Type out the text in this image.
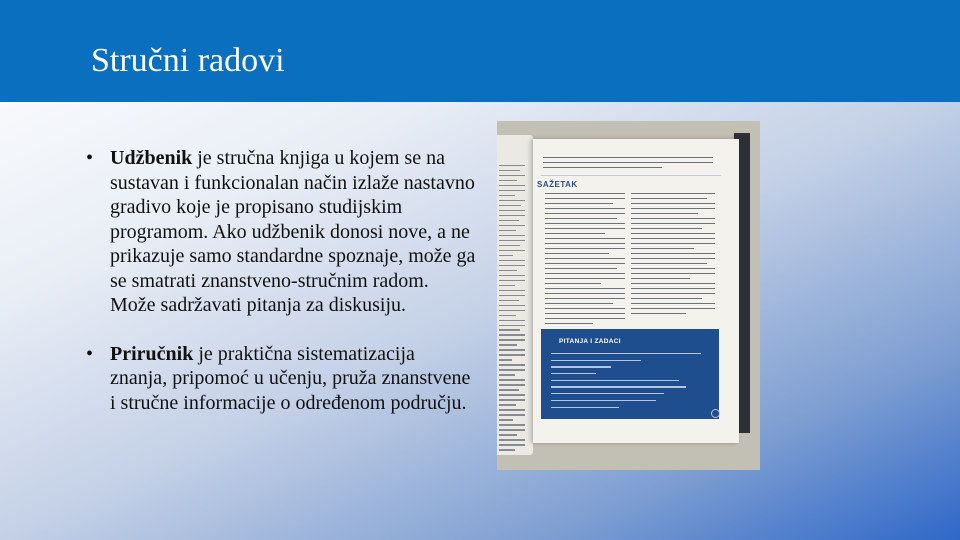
Stručni radovi
• Udžbenik je stručna knjiga u kojem se na sustavan i funkcionalan način izlaže nastavno gradivo koje je propisano studijskim programom. Ako udžbenik donosi nove, a ne prikazuje samo standardne spoznaje, može ga se smatrati znanstveno-stručnim radom. Može sadržavati pitanja za diskusiju.
• Priručnik je praktična sistematizacija znanja, pripomoć u učenju, pruža znanstvene i stručne informacije o određenom području.
SAŽETAK
PITANJA I ZADACI
